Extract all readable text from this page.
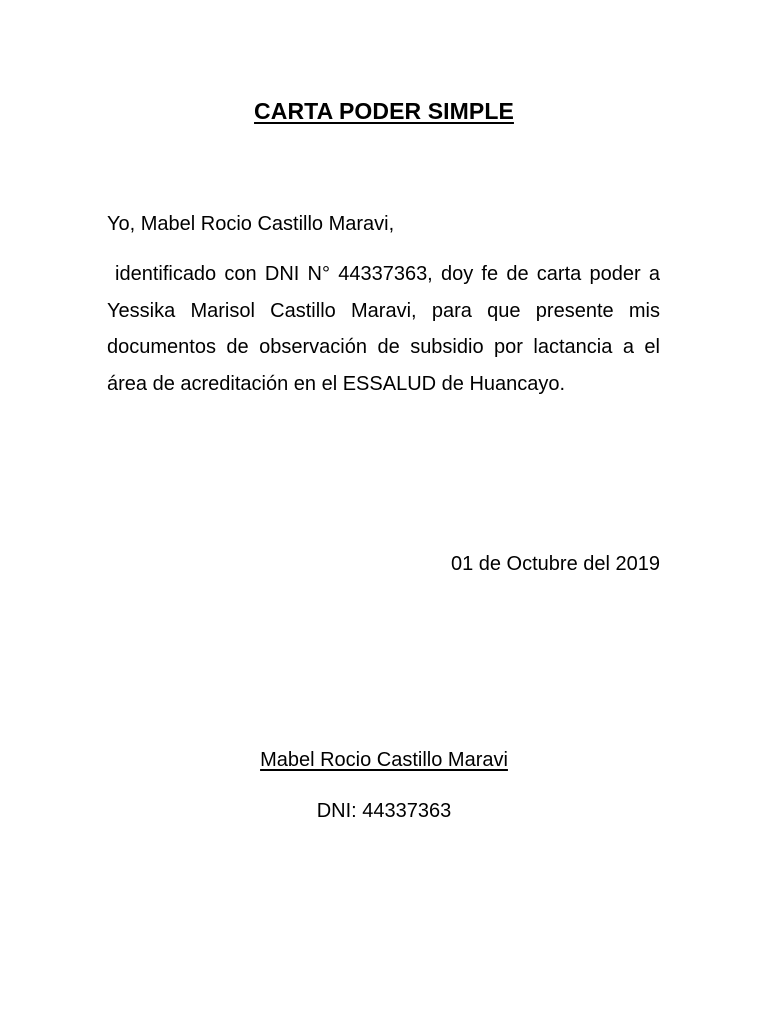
CARTA PODER SIMPLE
Yo, Mabel Rocio Castillo Maravi,
identificado con DNI N° 44337363, doy fe de carta poder a Yessika Marisol Castillo Maravi, para que presente mis documentos de observación de subsidio por lactancia a el área de acreditación en el ESSALUD de Huancayo.
01 de Octubre del 2019
Mabel Rocio Castillo Maravi
DNI: 44337363
